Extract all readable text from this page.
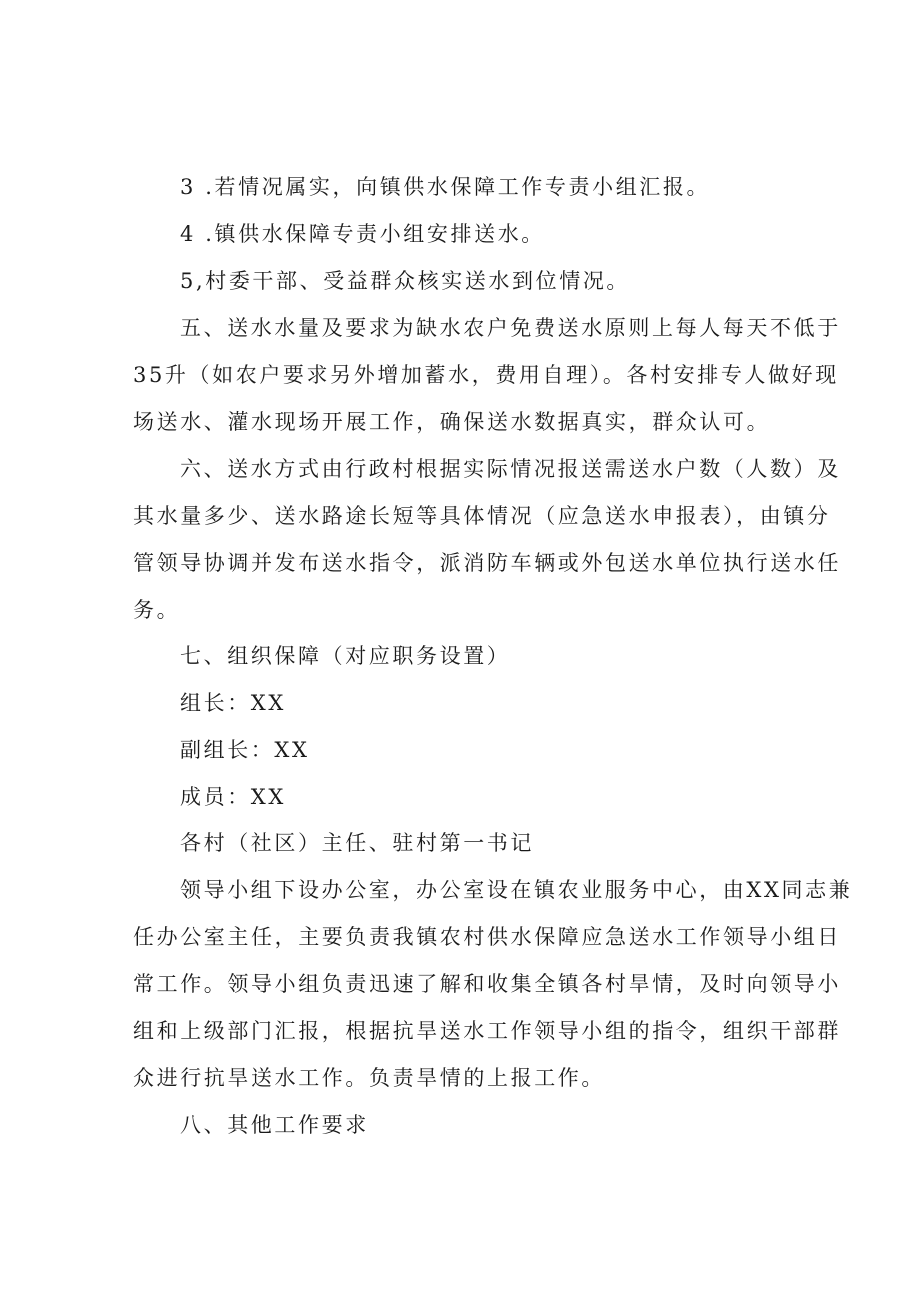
3 .若情况属实，向镇供水保障工作专责小组汇报。
4 .镇供水保障专责小组安排送水。
5,村委干部、受益群众核实送水到位情况。
五、送水水量及要求为缺水农户免费送水原则上每人每天不低于
35升（如农户要求另外增加蓄水，费用自理）。各村安排专人做好现
场送水、灌水现场开展工作，确保送水数据真实，群众认可。
六、送水方式由行政村根据实际情况报送需送水户数（人数）及
其水量多少、送水路途长短等具体情况（应急送水申报表），由镇分
管领导协调并发布送水指令，派消防车辆或外包送水单位执行送水任
务。
七、组织保障（对应职务设置）
组长：XX
副组长：XX
成员：XX
各村（社区）主任、驻村第一书记
领导小组下设办公室，办公室设在镇农业服务中心，由XX同志兼
任办公室主任，主要负责我镇农村供水保障应急送水工作领导小组日
常工作。领导小组负责迅速了解和收集全镇各村旱情，及时向领导小
组和上级部门汇报，根据抗旱送水工作领导小组的指令，组织干部群
众进行抗旱送水工作。负责旱情的上报工作。
八、其他工作要求
